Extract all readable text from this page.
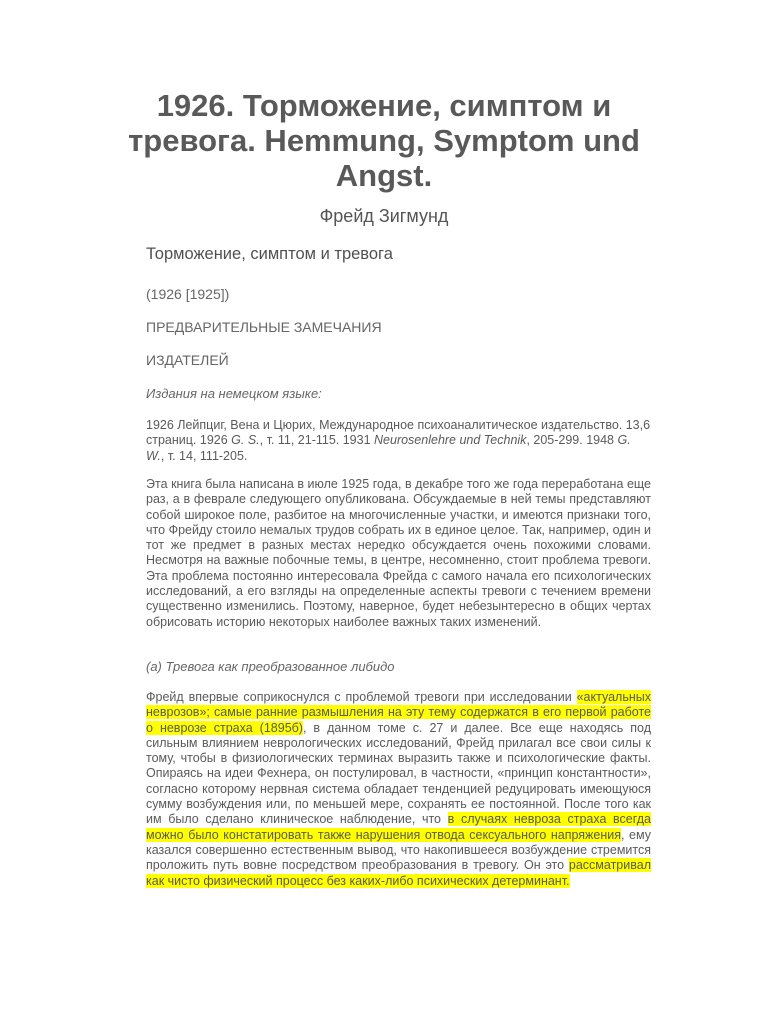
1926. Торможение, симптом и тревога. Hemmung, Symptom und Angst.
Фрейд Зигмунд
Торможение, симптом и тревога
(1926 [1925])
ПРЕДВАРИТЕЛЬНЫЕ ЗАМЕЧАНИЯ
ИЗДАТЕЛЕЙ
Издания на немецком языке:
1926 Лейпциг, Вена и Цюрих, Международное психоаналитическое издательство. 13,6 страниц. 1926 G. S., т. 11, 21-115. 1931 Neurosenlehre und Technik, 205-299. 1948 G. W., т. 14, 111-205.

Эта книга была написана в июле 1925 года, в декабре того же года переработана еще раз, а в феврале следующего опубликована. Обсуждаемые в ней темы представляют собой широкое поле, разбитое на многочисленные участки, и имеются признаки того, что Фрейду стоило немалых трудов собрать их в единое целое. Так, например, один и тот же предмет в разных местах нередко обсуждается очень похожими словами. Несмотря на важные побочные темы, в центре, несомненно, стоит проблема тревоги. Эта проблема постоянно интересовала Фрейда с самого начала его психологических исследований, а его взгляды на определенные аспекты тревоги с течением времени существенно изменились. Поэтому, наверное, будет небезынтересно в общих чертах обрисовать историю некоторых наиболее важных таких изменений.

(а) Тревога как преобразованное либидо

Фрейд впервые соприкоснулся с проблемой тревоги при исследовании «актуальных неврозов»; самые ранние размышления на эту тему содержатся в его первой работе о неврозе страха (1895б), в данном томе с. 27 и далее. Все еще находясь под сильным влиянием неврологических исследований, Фрейд прилагал все свои силы к тому, чтобы в физиологических терминах выразить также и психологические факты. Опираясь на идеи Фехнера, он постулировал, в частности, «принцип константности», согласно которому нервная система обладает тенденцией редуцировать имеющуюся сумму возбуждения или, по меньшей мере, сохранять ее постоянной. После того как им было сделано клиническое наблюдение, что в случаях невроза страха всегда можно было констатировать также нарушения отвода сексуального напряжения, ему казался совершенно естественным вывод, что накопившееся возбуждение стремится проложить путь вовне посредством преобразования в тревогу. Он это рассматривал как чисто физический процесс без каких-либо психических детерминант.
